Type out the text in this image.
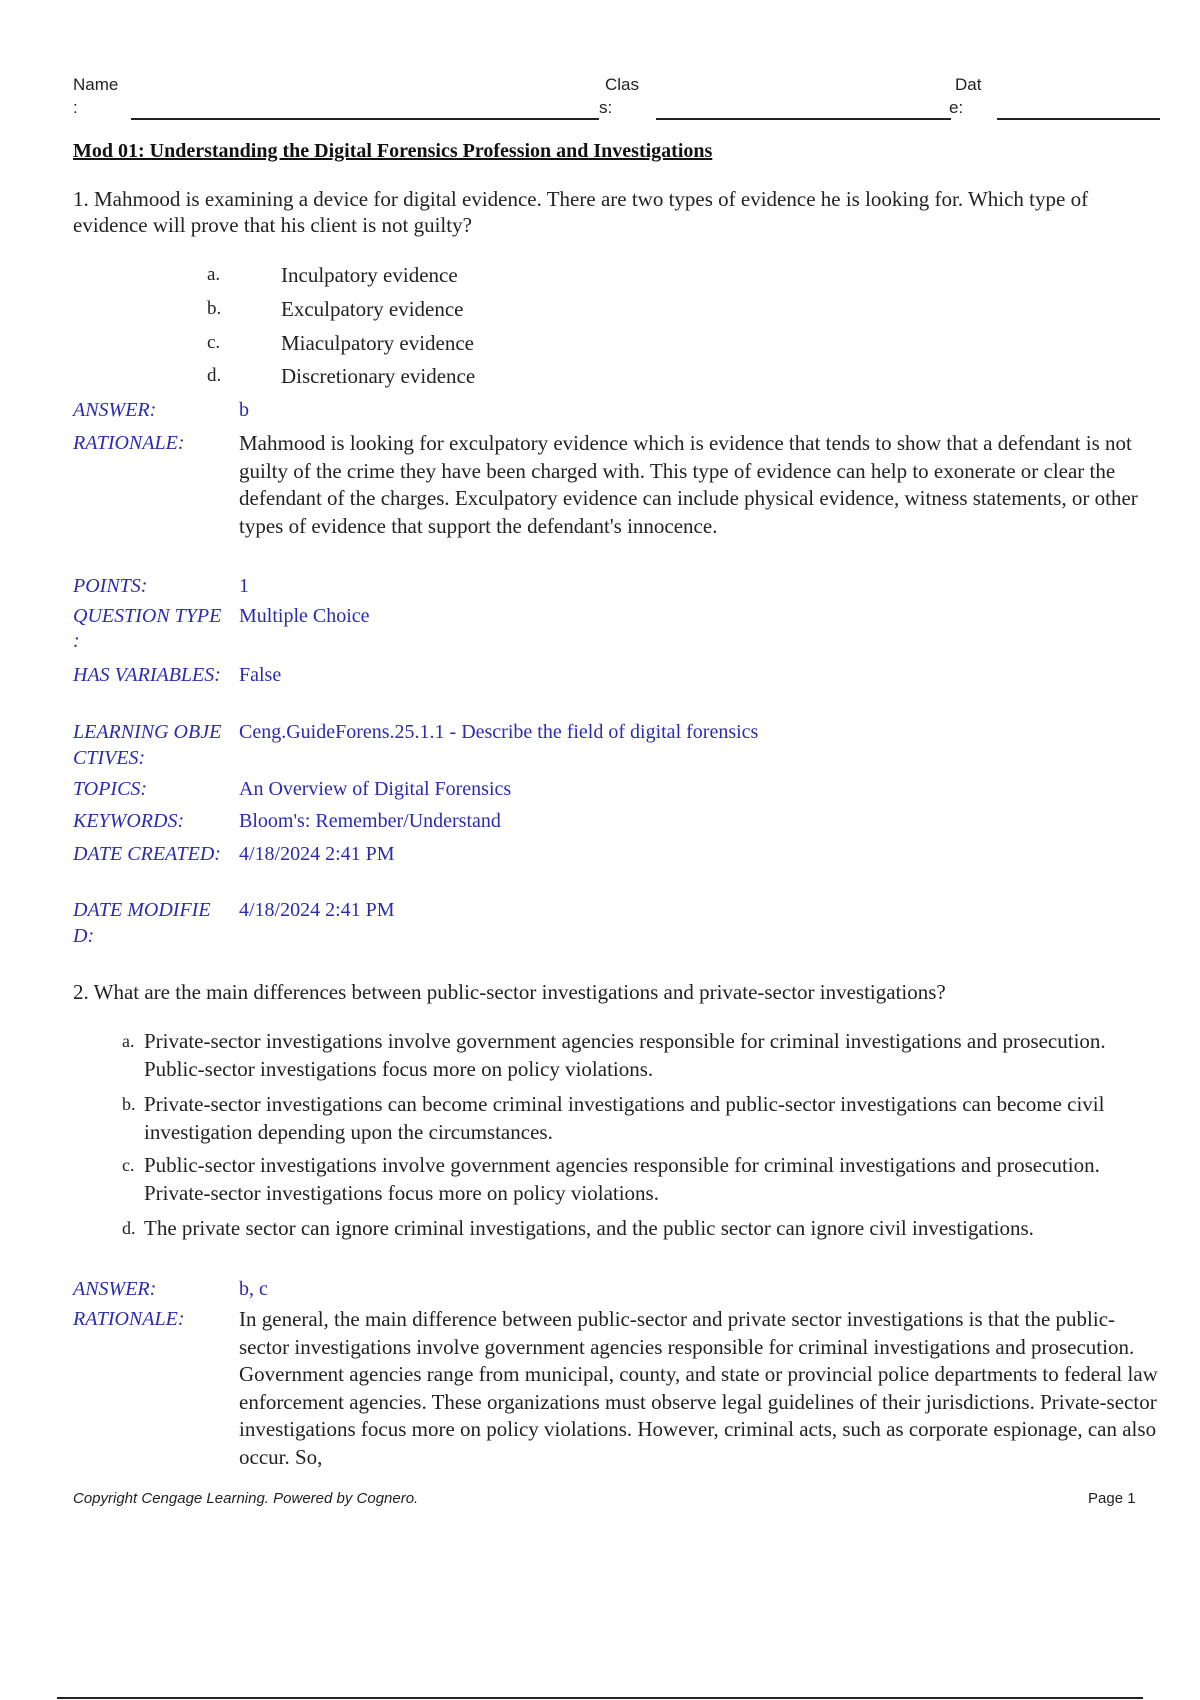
Name
:
Clas
s:
Dat
e:
Mod 01: Understanding the Digital Forensics Profession and Investigations
1. Mahmood is examining a device for digital evidence. There are two types of evidence he is looking for. Which type of evidence will prove that his client is not guilty?
a.	Inculpatory evidence
b.	Exculpatory evidence
c.	Miaculpatory evidence
d.	Discretionary evidence
ANSWER:	b
RATIONALE:	Mahmood is looking for exculpatory evidence which is evidence that tends to show that a defendant is not guilty of the crime they have been charged with. This type of evidence can help to exonerate or clear the defendant of the charges. Exculpatory evidence can include physical evidence, witness statements, or other types of evidence that support the defendant's innocence.
POINTS:	1
QUESTION TYPE
:
Multiple Choice
HAS VARIABLES: False
LEARNING OBJE
CTIVES:
Ceng.GuideForens.25.1.1 - Describe the field of digital forensics
TOPICS:	An Overview of Digital Forensics
KEYWORDS:	Bloom's: Remember/Understand
DATE CREATED: 4/18/2024 2:41 PM
DATE MODIFIE
D:
4/18/2024 2:41 PM
2. What are the main differences between public-sector investigations and private-sector investigations?
a. Private-sector investigations involve government agencies responsible for criminal investigations and prosecution. Public-sector investigations focus more on policy violations.
b. Private-sector investigations can become criminal investigations and public-sector investigations can become civil investigation depending upon the circumstances.
c. Public-sector investigations involve government agencies responsible for criminal investigations and prosecution. Private-sector investigations focus more on policy violations.
d. The private sector can ignore criminal investigations, and the public sector can ignore civil investigations.
ANSWER:	b, c
RATIONALE:	In general, the main difference between public-sector and private sector investigations is that the public-sector investigations involve government agencies responsible for criminal investigations and prosecution. Government agencies range from municipal, county, and state or provincial police departments to federal law enforcement agencies. These organizations must observe legal guidelines of their jurisdictions. Private-sector investigations focus more on policy violations. However, criminal acts, such as corporate espionage, can also occur. So,
Copyright Cengage Learning. Powered by Cognero.	Page 1
